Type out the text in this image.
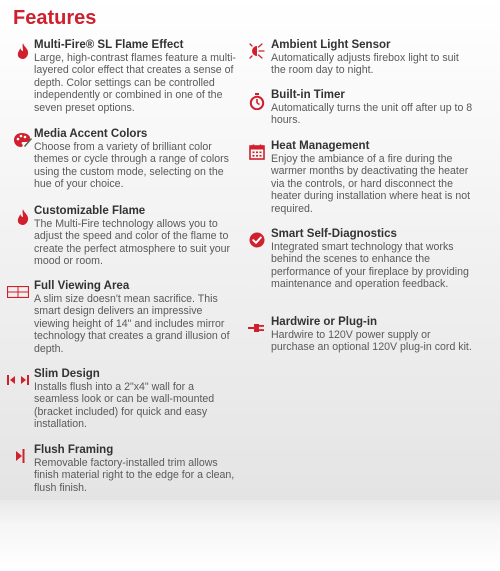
Features
Multi-Fire® SL Flame Effect

Large, high-contrast flames feature a multi-layered color effect that creates a sense of depth. Color settings can be controlled independently or combined in one of the seven preset options.

Media Accent Colors

Choose from a variety of brilliant color themes or cycle through a range of colors using the custom mode, selecting on the hue of your choice.

Customizable Flame

The Multi-Fire technology allows you to adjust the speed and color of the flame to create the perfect atmosphere to suit your mood or room.

Full Viewing Area

A slim size doesn't mean sacrifice. This smart design delivers an impressive viewing height of 14" and includes mirror technology that creates a grand illusion of depth.

Slim Design

Installs flush into a 2"x4" wall for a seamless look or can be wall-mounted (bracket included) for quick and easy installation.

Flush Framing

Removable factory-installed trim allows finish material right to the edge for a clean, flush finish.

Ambient Light Sensor

Automatically adjusts firebox light to suit the room day to night.

Built-in Timer

Automatically turns the unit off after up to 8 hours.

Heat Management

Enjoy the ambiance of a fire during the warmer months by deactivating the heater via the controls, or hard disconnect the heater during installation where heat is not required.

Smart Self-Diagnostics

Integrated smart technology that works behind the scenes to enhance the performance of your fireplace by providing maintenance and operation feedback.

Hardwire or Plug-in

Hardwire to 120V power supply or purchase an optional 120V plug-in cord kit.
